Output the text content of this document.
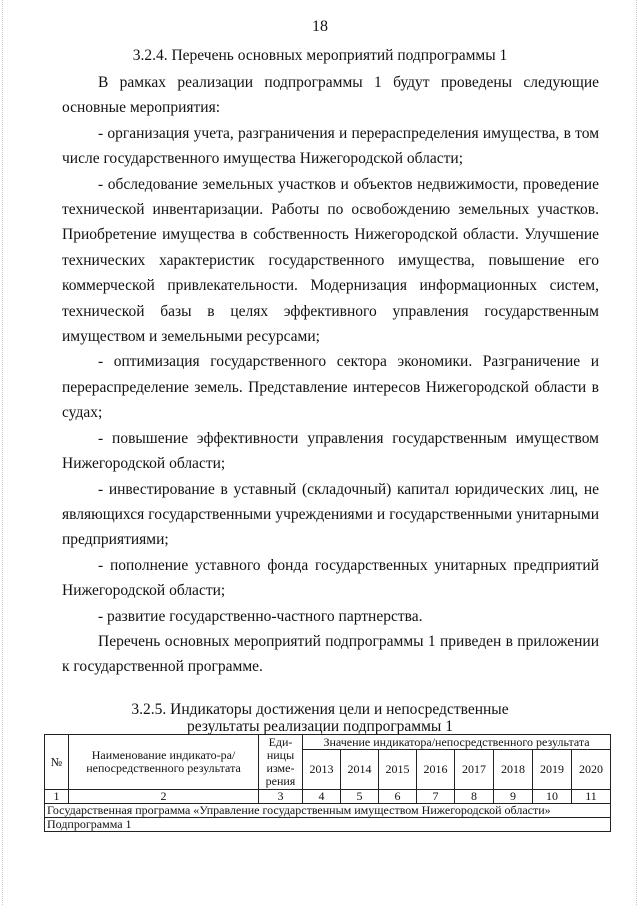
18
3.2.4. Перечень основных мероприятий подпрограммы 1

В рамках реализации подпрограммы 1 будут проведены следующие основные мероприятия:

- организация учета, разграничения и перераспределения имущества, в том числе государственного имущества Нижегородской области;

- обследование земельных участков и объектов недвижимости, проведение технической инвентаризации. Работы по освобождению земельных участков. Приобретение имущества в собственность Нижегородской области. Улучшение технических характеристик государственного имущества, повышение его коммерческой привлекательности. Модернизация информационных систем, технической базы в целях эффективного управления государственным имуществом и земельными ресурсами;

- оптимизация государственного сектора экономики. Разграничение и перераспределение земель. Представление интересов Нижегородской области в судах;

- повышение эффективности управления государственным имуществом Нижегородской области;

- инвестирование в уставный (складочный) капитал юридических лиц, не являющихся государственными учреждениями и государственными унитарными предприятиями;

- пополнение уставного фонда государственных унитарных предприятий Нижегородской области;

- развитие государственно-частного партнерства.

Перечень основных мероприятий подпрограммы 1 приведен в приложении к государственной программе.

3.2.5. Индикаторы достижения цели и непосредственные
результаты реализации подпрограммы 1
№	Наименование индикато-ра/непосредственного результата	Еди-ницы изме-рения	Значение индикатора/непосредственного результата							
			2013	2014	2015	2016	2017	2018	2019	2020
1	2	3	4	5	6	7	8	9	10	11
Государственная программа «Управление государственным имуществом Нижегородской области»										
Подпрограмма 1										
